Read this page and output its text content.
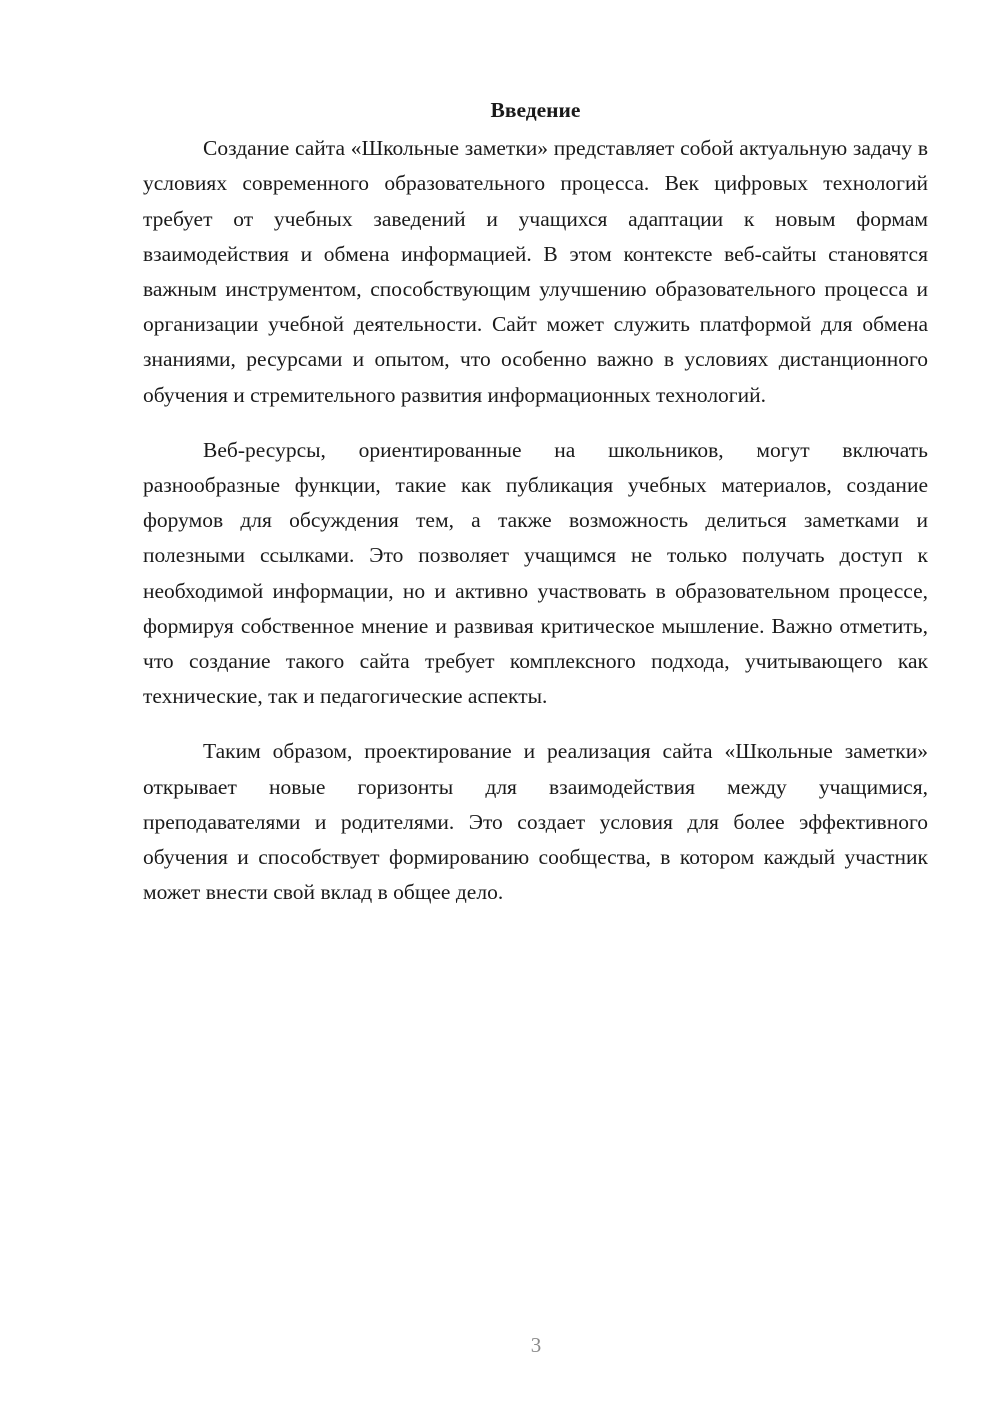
Введение

Создание сайта «Школьные заметки» представляет собой актуальную задачу в условиях современного образовательного процесса. Век цифровых технологий требует от учебных заведений и учащихся адаптации к новым формам взаимодействия и обмена информацией. В этом контексте веб-сайты становятся важным инструментом, способствующим улучшению образовательного процесса и организации учебной деятельности. Сайт может служить платформой для обмена знаниями, ресурсами и опытом, что особенно важно в условиях дистанционного обучения и стремительного развития информационных технологий.

Веб-ресурсы, ориентированные на школьников, могут включать разнообразные функции, такие как публикация учебных материалов, создание форумов для обсуждения тем, а также возможность делиться заметками и полезными ссылками. Это позволяет учащимся не только получать доступ к необходимой информации, но и активно участвовать в образовательном процессе, формируя собственное мнение и развивая критическое мышление. Важно отметить, что создание такого сайта требует комплексного подхода, учитывающего как технические, так и педагогические аспекты.

Таким образом, проектирование и реализация сайта «Школьные заметки» открывает новые горизонты для взаимодействия между учащимися, преподавателями и родителями. Это создает условия для более эффективного обучения и способствует формированию сообщества, в котором каждый участник может внести свой вклад в общее дело.

3
